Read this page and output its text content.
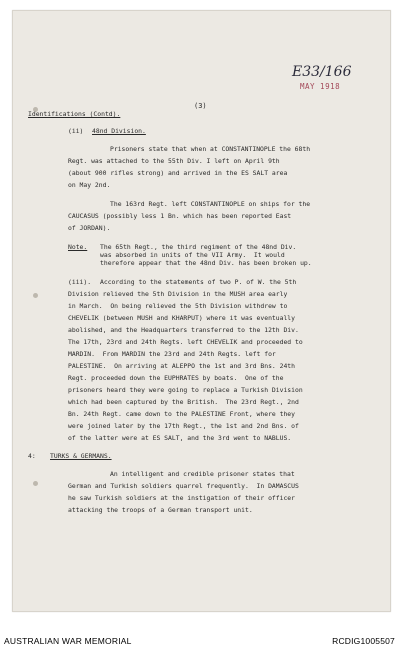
E33/166
MAY 1918
(3)
Identifications (Contd).
(ii) 48nd Division.
Prisoners state that when at CONSTANTINOPLE the 68th
Regt. was attached to the 55th Div. I left on April 9th
(about 900 rifles strong) and arrived in the ES SALT area
on May 2nd.
The 163rd Regt. left CONSTANTINOPLE on ships for the
CAUCASUS (possibly less 1 Bn. which has been reported East
of JORDAN).
Note. The 65th Regt., the third regiment of the 48nd Div.
was absorbed in units of the VII Army.  It would
therefore appear that the 48nd Div. has been broken up.
(iii). According to the statements of two P. of W. the 5th
Division relieved the 5th Division in the MUSH area early
in March.  On being relieved the 5th Division withdrew to
CHEVELIK (between MUSH and KHARPUT) where it was eventually
abolished, and the Headquarters transferred to the 12th Div.
The 17th, 23rd and 24th Regts. left CHEVELIK and proceeded to
MARDIN.  From MARDIN the 23rd and 24th Regts. left for
PALESTINE.  On arriving at ALEPPO the 1st and 3rd Bns. 24th
Regt. proceeded down the EUPHRATES by boats.  One of the
prisoners heard they were going to replace a Turkish Division
which had been captured by the British.  The 23rd Regt., 2nd
Bn. 24th Regt. came down to the PALESTINE Front, where they
were joined later by the 17th Regt., the 1st and 2nd Bns. of
of the latter were at ES SALT, and the 3rd went to NABLUS.
4: TURKS & GERMANS.
An intelligent and credible prisoner states that
German and Turkish soldiers quarrel frequently.  In DAMASCUS
he saw Turkish soldiers at the instigation of their officer
attacking the troops of a German transport unit.
AUSTRALIAN WAR MEMORIAL	RCDIG1005507
